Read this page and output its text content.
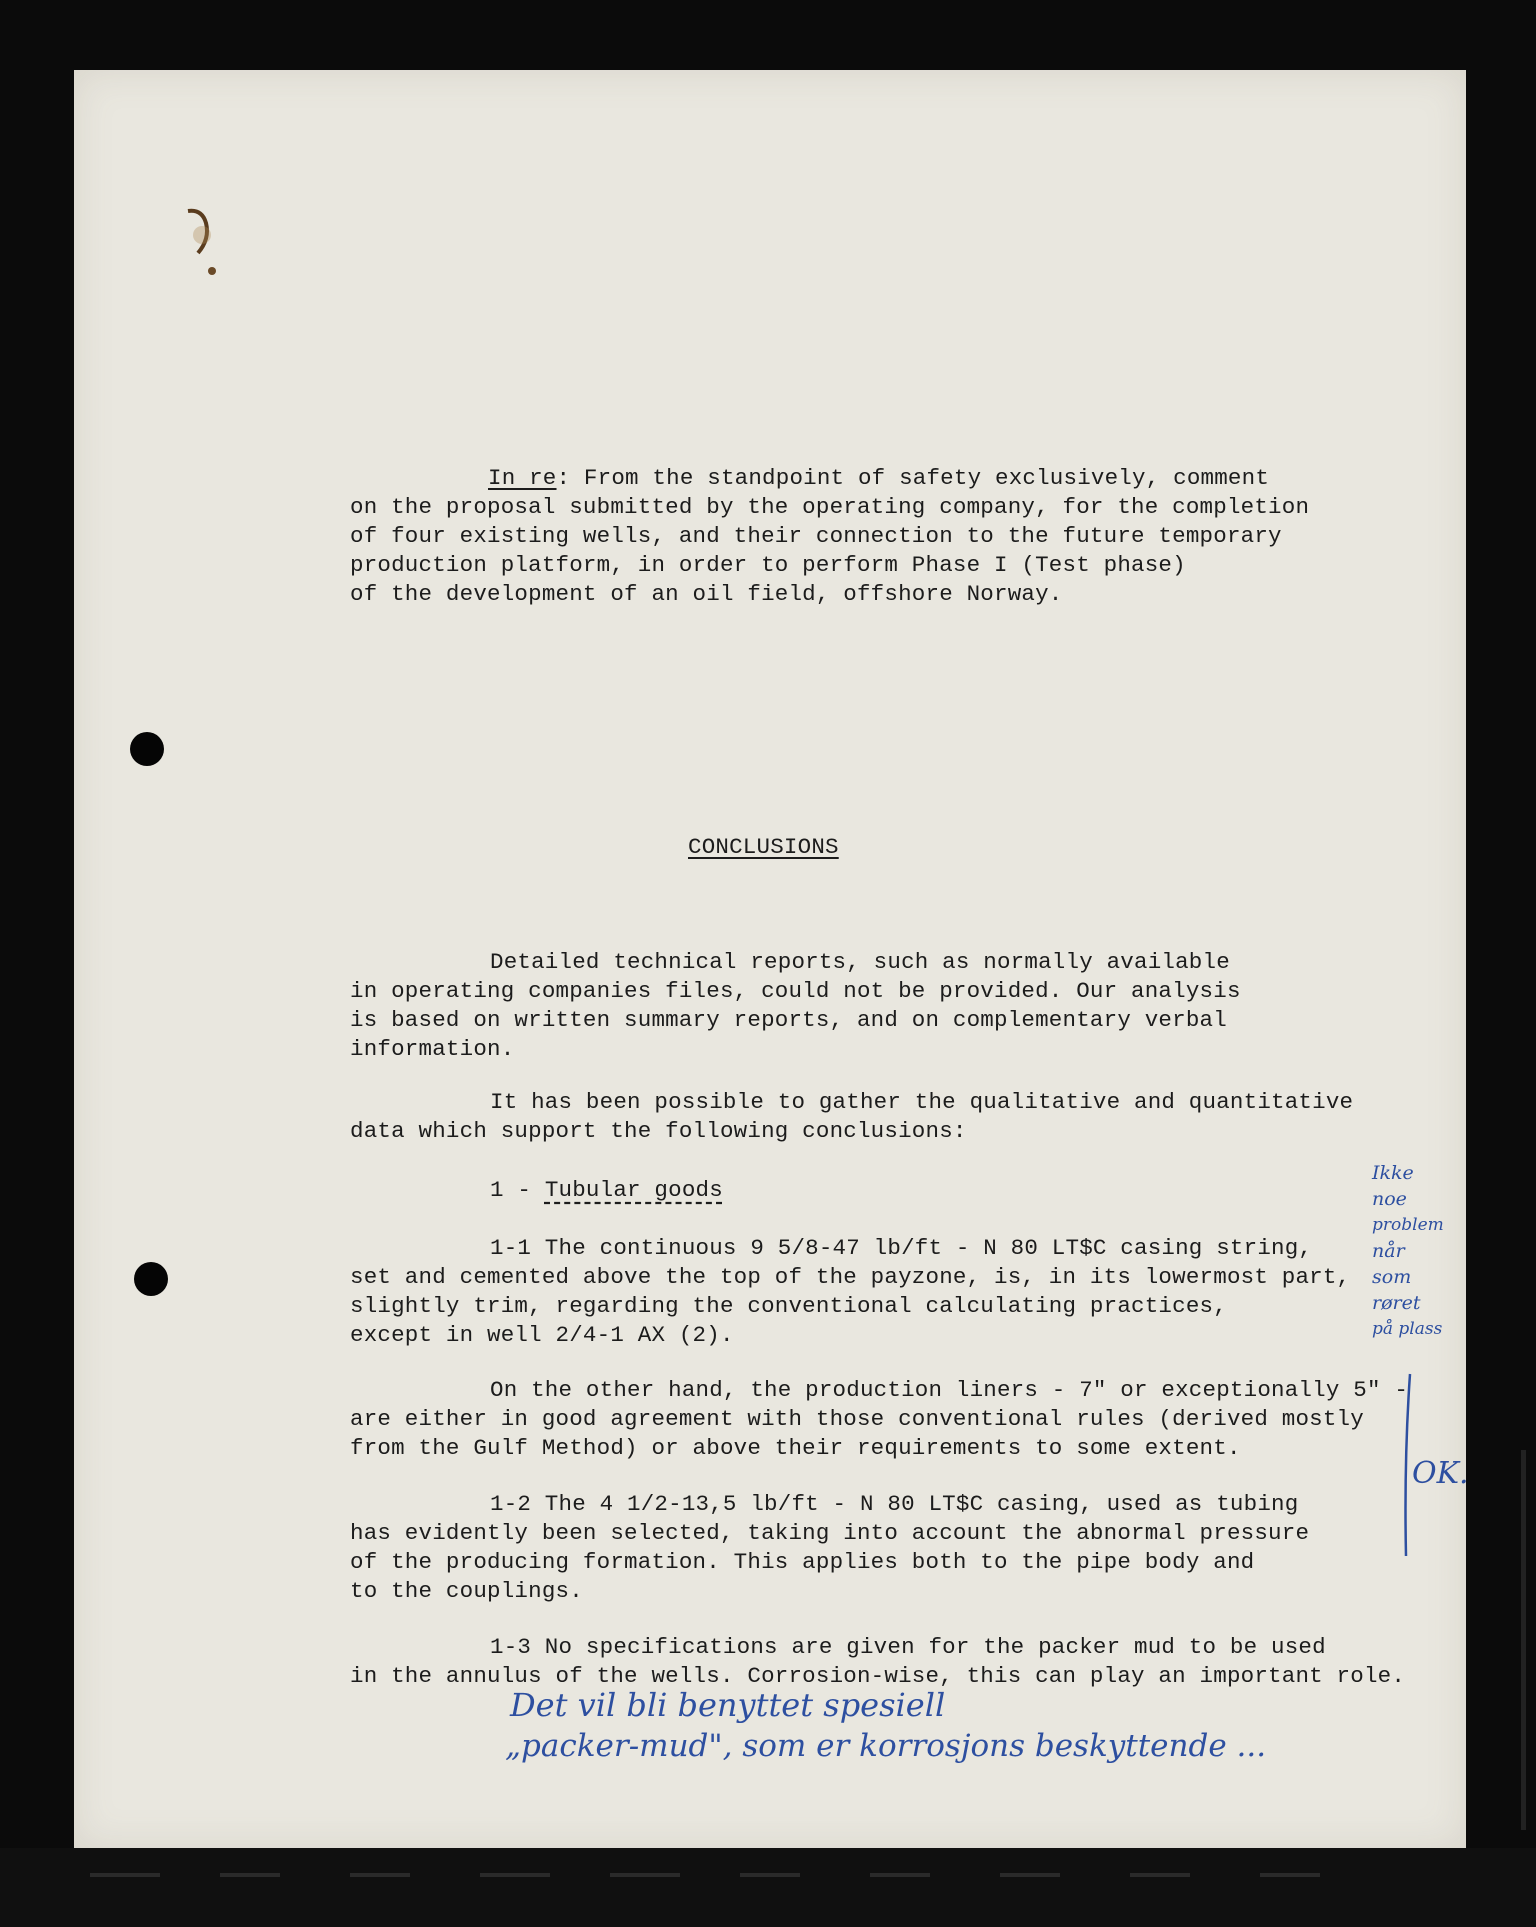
In re: From the standpoint of safety exclusively, comment
on the proposal submitted by the operating company, for the completion
of four existing wells, and their connection to the future temporary
production platform, in order to perform Phase I (Test phase)
of the development of an oil field, offshore Norway.
CONCLUSIONS
Detailed technical reports, such as normally available
in operating companies files, could not be provided. Our analysis
is based on written summary reports, and on complementary verbal
information.
It has been possible to gather the qualitative and quantitative
data which support the following conclusions:
1 - Tubular goods
1-1 The continuous 9 5/8-47 lb/ft - N 80 LT$C casing string,
set and cemented above the top of the payzone, is, in its lowermost part,
slightly trim, regarding the conventional calculating practices,
except in well 2/4-1 AX (2).
On the other hand, the production liners - 7" or exceptionally 5" -
are either in good agreement with those conventional rules (derived mostly
from the Gulf Method) or above their requirements to some extent.
1-2 The 4 1/2-13,5 lb/ft - N 80 LT$C casing, used as tubing
has evidently been selected, taking into account the abnormal pressure
of the producing formation. This applies both to the pipe body and
to the couplings.
1-3 No specifications are given for the packer mud to be used
in the annulus of the wells. Corrosion-wise, this can play an important role.
Ikke
noe
problem
når
som
røret
på plass
OK.
Det vil bli benyttet spesiell
„packer-mud", som er korrosjons beskyttende ...
